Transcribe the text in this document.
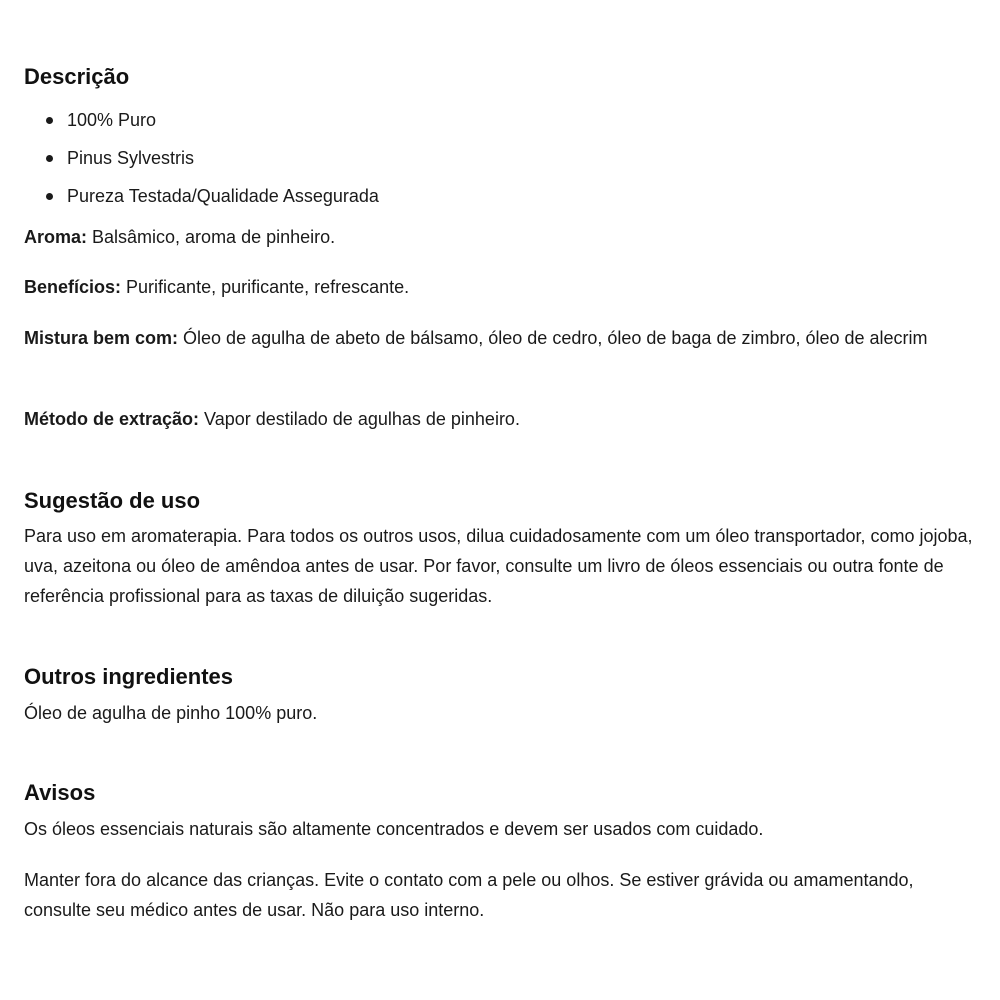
Descrição
100% Puro
Pinus Sylvestris
Pureza Testada/Qualidade Assegurada

Aroma: Balsâmico, aroma de pinheiro.

Benefícios: Purificante, purificante, refrescante.

Mistura bem com: Óleo de agulha de abeto de bálsamo, óleo de cedro, óleo de baga de zimbro, óleo de alecrim

Método de extração: Vapor destilado de agulhas de pinheiro.

Sugestão de uso

Para uso em aromaterapia. Para todos os outros usos, dilua cuidadosamente com um óleo transportador, como jojoba, uva, azeitona ou óleo de amêndoa antes de usar. Por favor, consulte um livro de óleos essenciais ou outra fonte de referência profissional para as taxas de diluição sugeridas.

Outros ingredientes

Óleo de agulha de pinho 100% puro.

Avisos

Os óleos essenciais naturais são altamente concentrados e devem ser usados com cuidado.

Manter fora do alcance das crianças. Evite o contato com a pele ou olhos. Se estiver grávida ou amamentando, consulte seu médico antes de usar. Não para uso interno.
